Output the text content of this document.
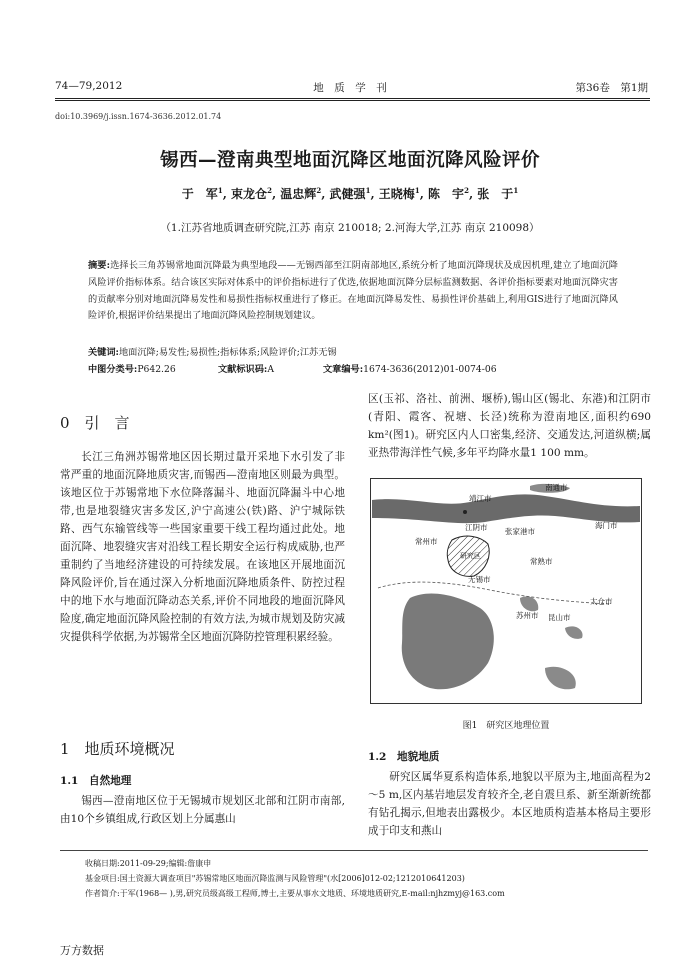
74—79,2012	地　质　学　刊	第36卷　第1期
doi:10.3969/j.issn.1674-3636.2012.01.74
锡西—澄南典型地面沉降区地面沉降风险评价
于　军$^1$, 束龙仓$^2$, 温忠辉$^2$, 武健强$^1$, 王晓梅$^1$, 陈　宇$^2$, 张　于$^1$
（1.江苏省地质调查研究院,江苏 南京 210018; 2.河海大学,江苏 南京 210098）
摘要:选择长三角苏锡常地面沉降最为典型地段——无锡西部至江阴南部地区,系统分析了地面沉降现状及成因机理,建立了地面沉降风险评价指标体系。结合该区实际对体系中的评价指标进行了优选,依据地面沉降分层标监测数据、各评价指标要素对地面沉降灾害的贡献率分别对地面沉降易发性和易损性指标权重进行了修正。在地面沉降易发性、易损性评价基础上,利用GIS进行了地面沉降风险评价,根据评价结果提出了地面沉降风险控制规划建议。
关键词:地面沉降;易发性;易损性;指标体系;风险评价;江苏无锡
中图分类号:P642.26	文献标识码:A	文章编号:1674-3636(2012)01-0074-06
0　引　言
长江三角洲苏锡常地区因长期过量开采地下水引发了非常严重的地面沉降地质灾害,而锡西—澄南地区则最为典型。该地区位于苏锡常地下水位降落漏斗、地面沉降漏斗中心地带,也是地裂缝灾害多发区,沪宁高速公(铁)路、沪宁城际铁路、西气东输管线等一些国家重要干线工程均通过此处。地面沉降、地裂缝灾害对沿线工程长期安全运行构成威胁,也严重制约了当地经济建设的可持续发展。在该地区开展地面沉降风险评价,旨在通过深入分析地面沉降地质条件、防控过程中的地下水与地面沉降动态关系,评价不同地段的地面沉降风险度,确定地面沉降风险控制的有效方法,为城市规划及防灾减灾提供科学依据,为苏锡常全区地面沉降防控管理积累经验。
1　地质环境概况
1.1　自然地理
锡西—澄南地区位于无锡城市规划区北部和江阴市南部,由10个乡镇组成,行政区划上分属惠山
区(玉祁、洛社、前洲、堰桥),锡山区(锡北、东港)和江阴市(青阳、霞客、祝塘、长泾)统称为澄南地区,面积约690 km²(图1)。研究区内人口密集,经济、交通发达,河道纵横;属亚热带海洋性气候,多年平均降水量1 100 mm。
靖江市
南通市
江阴市 张家港市
海门市
常州市
常熟市
研究区
无锡市
太仓市
昆山市
苏州市
图1　研究区地理位置
1.2　地貌地质
研究区属华夏系构造体系,地貌以平原为主,地面高程为2～5 m,区内基岩地层发育较齐全,老自震旦系、新至渐新统都有钻孔揭示,但地表出露极少。本区地质构造基本格局主要形成于印支和燕山
收稿日期:2011-09-29;编辑:詹康申
基金项目:国土资源大调查项目"苏锡常地区地面沉降监测与风险管理"(水[2006]012-02;1212010641203)
作者简介:于军(1968— ),男,研究员级高级工程师,博士,主要从事水文地质、环境地质研究,E-mail:njhzmyj@163.com
万方数据
